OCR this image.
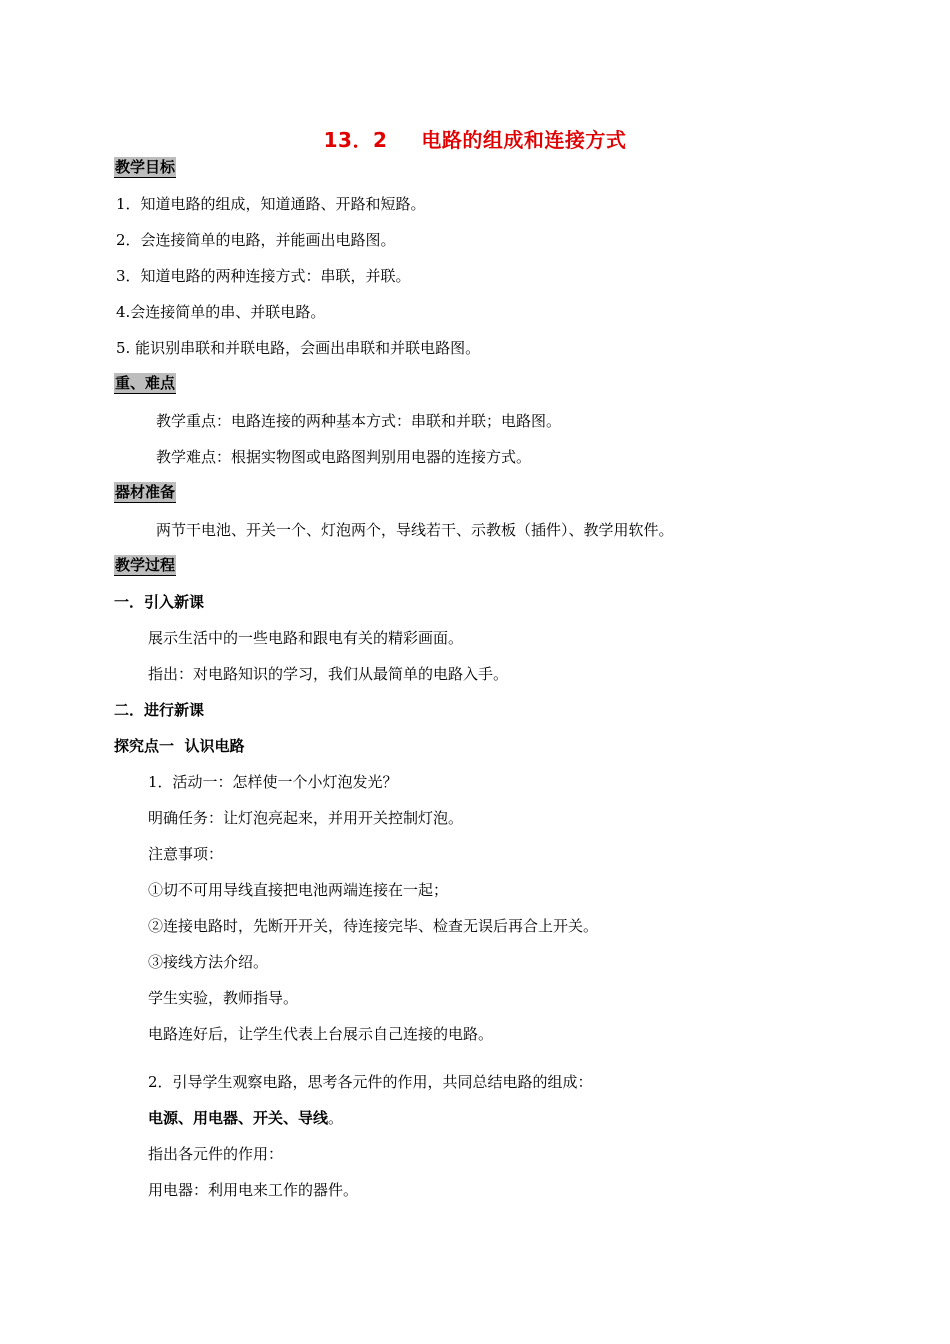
13．2 电路的组成和连接方式
教学目标
1．知道电路的组成，知道通路、开路和短路。
2．会连接简单的电路，并能画出电路图。
3．知道电路的两种连接方式：串联，并联。
4.会连接简单的串、并联电路。
5. 能识别串联和并联电路，会画出串联和并联电路图。
重、难点
教学重点：电路连接的两种基本方式：串联和并联；电路图。
教学难点：根据实物图或电路图判别用电器的连接方式。
器材准备
两节干电池、开关一个、灯泡两个，导线若干、示教板（插件）、教学用软件。
教学过程
一．引入新课
展示生活中的一些电路和跟电有关的精彩画面。
指出：对电路知识的学习，我们从最简单的电路入手。
二．进行新课
探究点一  认识电路
1．活动一：怎样使一个小灯泡发光？
明确任务：让灯泡亮起来，并用开关控制灯泡。
注意事项：
①切不可用导线直接把电池两端连接在一起；
②连接电路时，先断开开关，待连接完毕、检查无误后再合上开关。
③接线方法介绍。
学生实验，教师指导。
电路连好后，让学生代表上台展示自己连接的电路。
2．引导学生观察电路，思考各元件的作用，共同总结电路的组成：
电源、用电器、开关、导线。
指出各元件的作用：
用电器：利用电来工作的器件。
